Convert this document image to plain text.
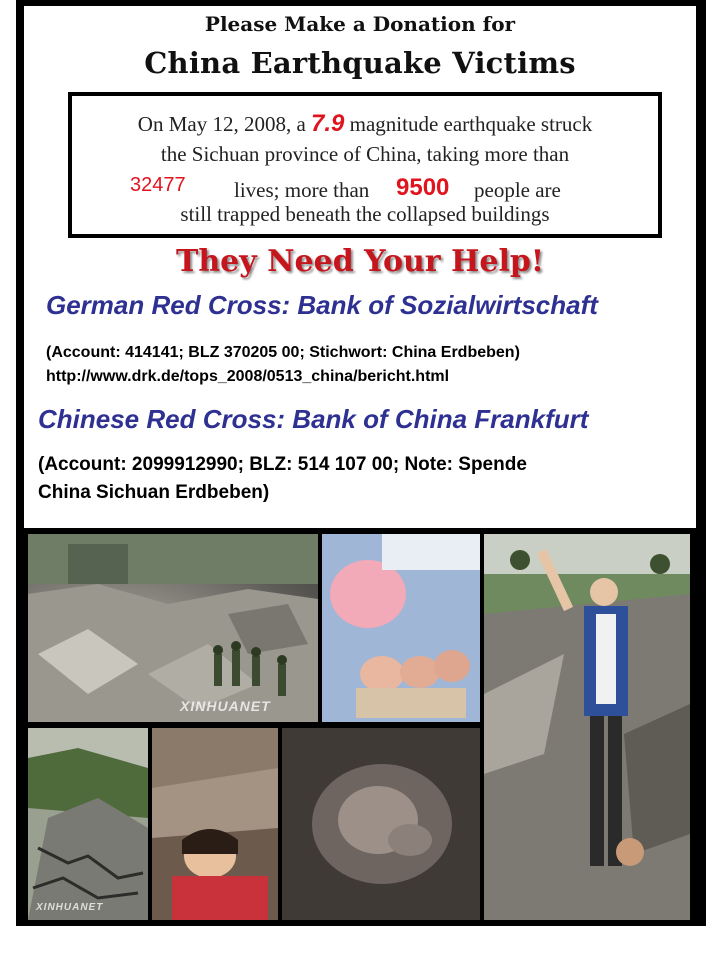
Please Make a Donation for
China Earthquake Victims
On May 12, 2008, a 7.9 magnitude earthquake struck
the Sichuan province of China, taking more than
32477 lives; more than 9500 people are
still trapped beneath the collapsed buildings
They Need Your Help!
German Red Cross: Bank of Sozialwirtschaft
(Account: 414141; BLZ 370205 00; Stichwort: China Erdbeben)
http://www.drk.de/tops_2008/0513_china/bericht.html
Chinese Red Cross: Bank of China Frankfurt
(Account: 2099912990; BLZ: 514 107 00; Note: Spende
China Sichuan Erdbeben)
XINHUANET
XINHUANET
